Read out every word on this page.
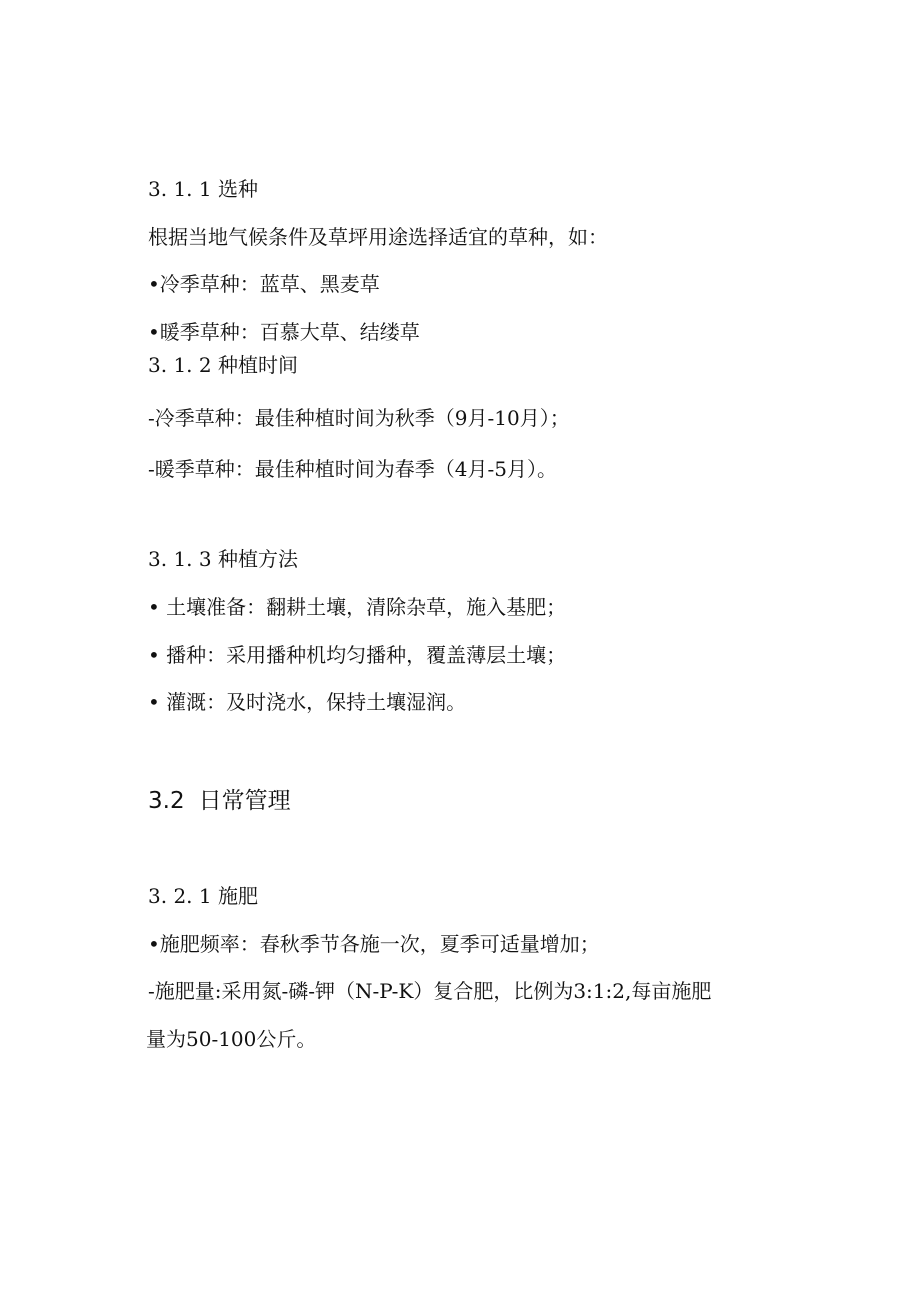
3. 1. 1 选种
根据当地气候条件及草坪用途选择适宜的草种，如：
•冷季草种：蓝草、黑麦草
•暖季草种：百慕大草、结缕草
3. 1. 2 种植时间
-冷季草种：最佳种植时间为秋季（9月-10月）；
-暖季草种：最佳种植时间为春季（4月-5月）。
3. 1. 3 种植方法
• 土壤准备：翻耕土壤，清除杂草，施入基肥；
• 播种：采用播种机均匀播种，覆盖薄层土壤；
• 灌溉：及时浇水，保持土壤湿润。
3.2 日常管理
3. 2. 1 施肥
•施肥频率：春秋季节各施一次，夏季可适量增加；
-施肥量:采用氮-磷-钾（N-P-K）复合肥，比例为3:1:2,每亩施肥
量为50-100公斤。
